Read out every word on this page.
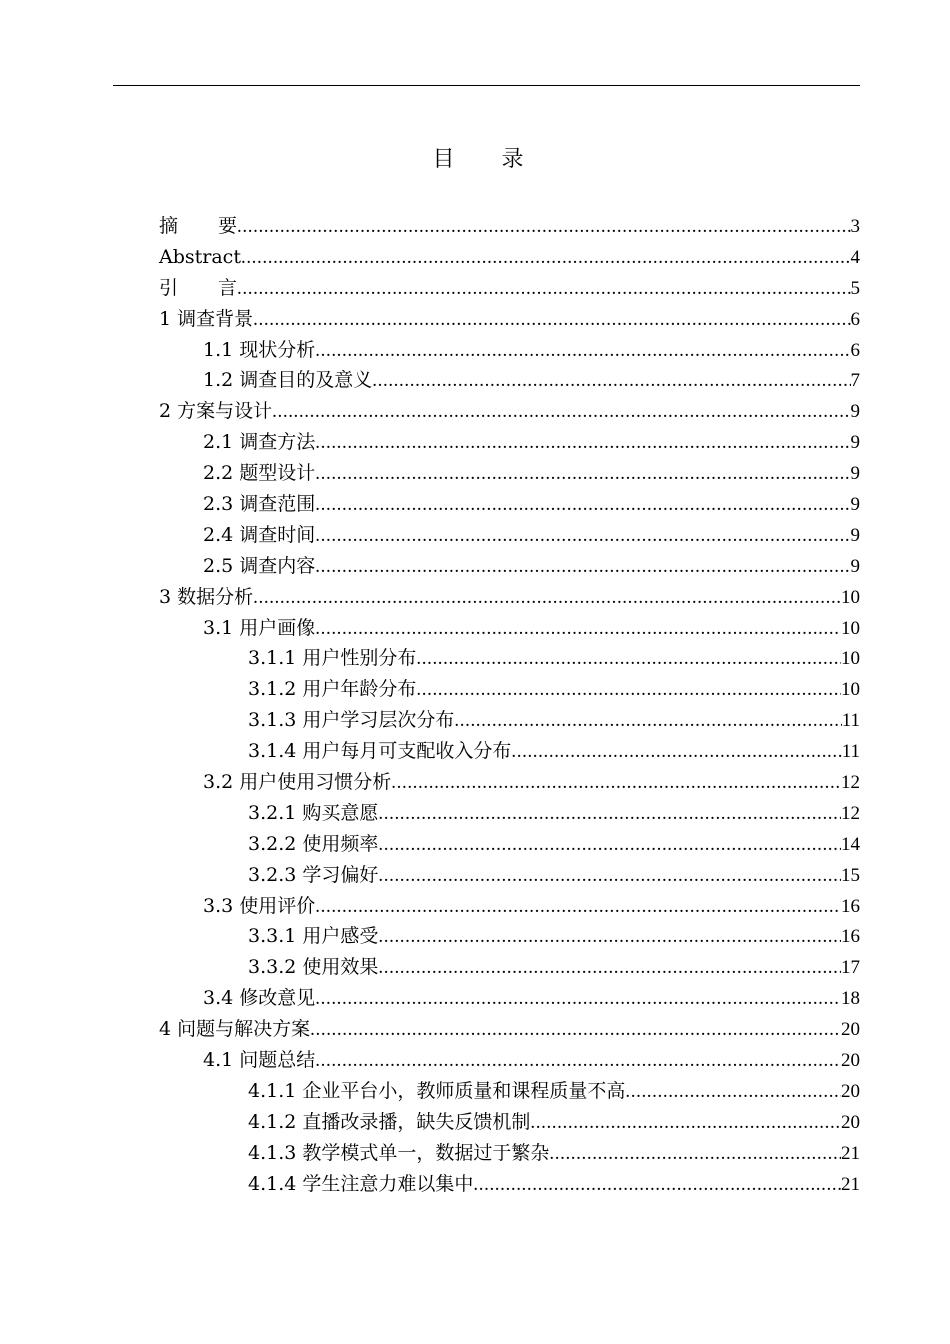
目 录
摘 要 .....	3
Abstract .....	4
引 言 .....	5
1 调查背景 .....	6
1.1 现状分析 .....	6
1.2 调查目的及意义 .....	7
2 方案与设计 .....	9
2.1 调查方法 .....	9
2.2 题型设计 .....	9
2.3 调查范围 .....	9
2.4 调查时间 .....	9
2.5 调查内容 .....	9
3 数据分析 .....	10
3.1 用户画像 .....	10
3.1.1 用户性别分布 .....	10
3.1.2 用户年龄分布 .....	10
3.1.3 用户学习层次分布 .....	11
3.1.4 用户每月可支配收入分布 .....	11
3.2 用户使用习惯分析 .....	12
3.2.1 购买意愿 .....	12
3.2.2 使用频率 .....	14
3.2.3 学习偏好 .....	15
3.3 使用评价 .....	16
3.3.1 用户感受 .....	16
3.3.2 使用效果 .....	17
3.4 修改意见 .....	18
4 问题与解决方案 .....	20
4.1 问题总结 .....	20
4.1.1 企业平台小，教师质量和课程质量不高 .....	20
4.1.2 直播改录播，缺失反馈机制 .....	20
4.1.3 教学模式单一，数据过于繁杂 .....	21
4.1.4 学生注意力难以集中 .....	21
